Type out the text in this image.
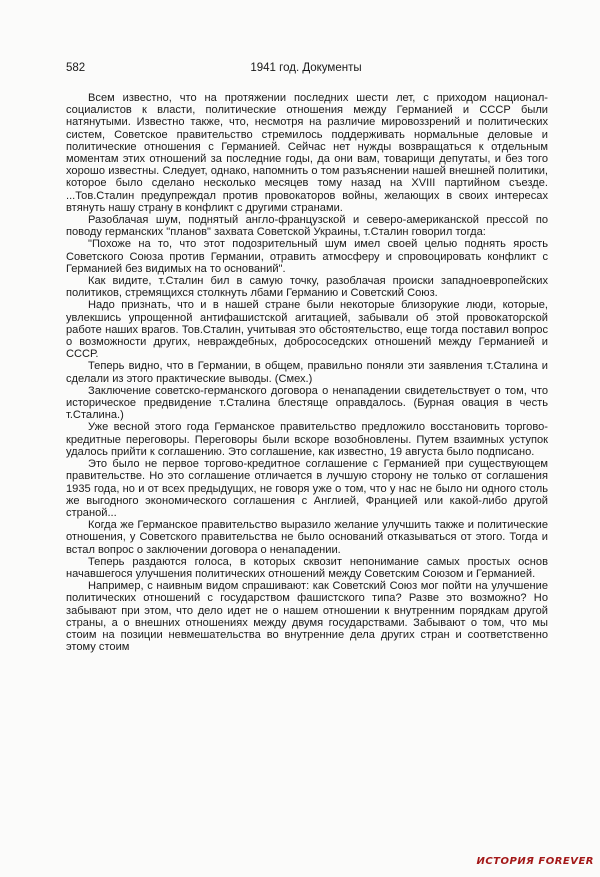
582	1941 год. Документы

Всем известно, что на протяжении последних шести лет, с приходом национал-социалистов к власти, политические отношения между Германией и СССР были натянутыми. Известно также, что, несмотря на различие мировоззрений и политических систем, Советское правительство стремилось поддерживать нормальные деловые и политические отношения с Германией. Сейчас нет нужды возвращаться к отдельным моментам этих отношений за последние годы, да они вам, товарищи депутаты, и без того хорошо известны. Следует, однако, напомнить о том разъяснении нашей внешней политики, которое было сделано несколько месяцев тому назад на XVIII партийном съезде. ...Тов.Сталин предупреждал против провокаторов войны, желающих в своих интересах втянуть нашу страну в конфликт с другими странами.

Разоблачая шум, поднятый англо-французской и северо-американской прессой по поводу германских "планов" захвата Советской Украины, т.Сталин говорил тогда:

"Похоже на то, что этот подозрительный шум имел своей целью поднять ярость Советского Союза против Германии, отравить атмосферу и спровоцировать конфликт с Германией без видимых на то оснований".

Как видите, т.Сталин бил в самую точку, разоблачая происки западноевропейских политиков, стремящихся столкнуть лбами Германию и Советский Союз.

Надо признать, что и в нашей стране были некоторые близорукие люди, которые, увлекшись упрощенной антифашистской агитацией, забывали об этой провокаторской работе наших врагов. Тов.Сталин, учитывая это обстоятельство, еще тогда поставил вопрос о возможности других, невраждебных, добрососедских отношений между Германией и СССР.

Теперь видно, что в Германии, в общем, правильно поняли эти заявления т.Сталина и сделали из этого практические выводы. (Смех.)

Заключение советско-германского договора о ненападении свидетельствует о том, что историческое предвидение т.Сталина блестяще оправдалось. (Бурная овация в честь т.Сталина.)

Уже весной этого года Германское правительство предложило восстановить торгово-кредитные переговоры. Переговоры были вскоре возобновлены. Путем взаимных уступок удалось прийти к соглашению. Это соглашение, как известно, 19 августа было подписано.

Это было не первое торгово-кредитное соглашение с Германией при существующем правительстве. Но это соглашение отличается в лучшую сторону не только от соглашения 1935 года, но и от всех предыдущих, не говоря уже о том, что у нас не было ни одного столь же выгодного экономического соглашения с Англией, Францией или какой-либо другой страной...

Когда же Германское правительство выразило желание улучшить также и политические отношения, у Советского правительства не было оснований отказываться от этого. Тогда и встал вопрос о заключении договора о ненападении.

Теперь раздаются голоса, в которых сквозит непонимание самых простых основ начавшегося улучшения политических отношений между Советским Союзом и Германией.

Например, с наивным видом спрашивают: как Советский Союз мог пойти на улучшение политических отношений с государством фашистского типа? Разве это возможно? Но забывают при этом, что дело идет не о нашем отношении к внутренним порядкам другой страны, а о внешних отношениях между двумя государствами. Забывают о том, что мы стоим на позиции невмешательства во внутренние дела других стран и соответственно этому стоим

ИСТОРИЯ FOREVER
